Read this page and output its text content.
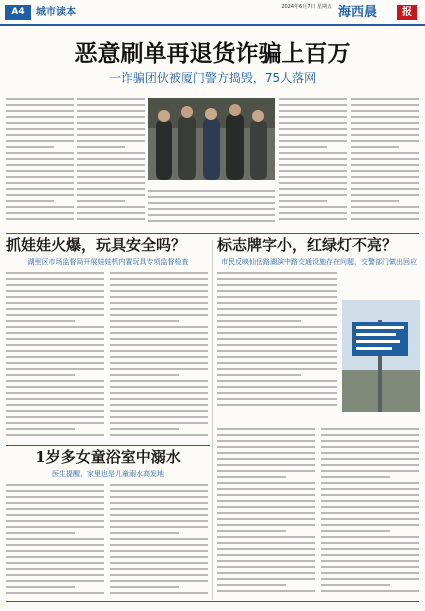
A4	城市读本	2024年6月7日 星期五 海西晨	报
恶意刷单再退货诈骗上百万
一诈骗团伙被厦门警方捣毁，75人落网
抓娃娃火爆，玩具安全吗？
湖里区市场监督局开展娃娃机内置玩具专项监督检查
标志牌字小，红绿灯不亮？
市民反映仙岳路湖滨中路交通设施存在问题，交警部门做出回应
1岁多女童浴室中溺水
医生提醒，家里也是儿童溺水高发地
